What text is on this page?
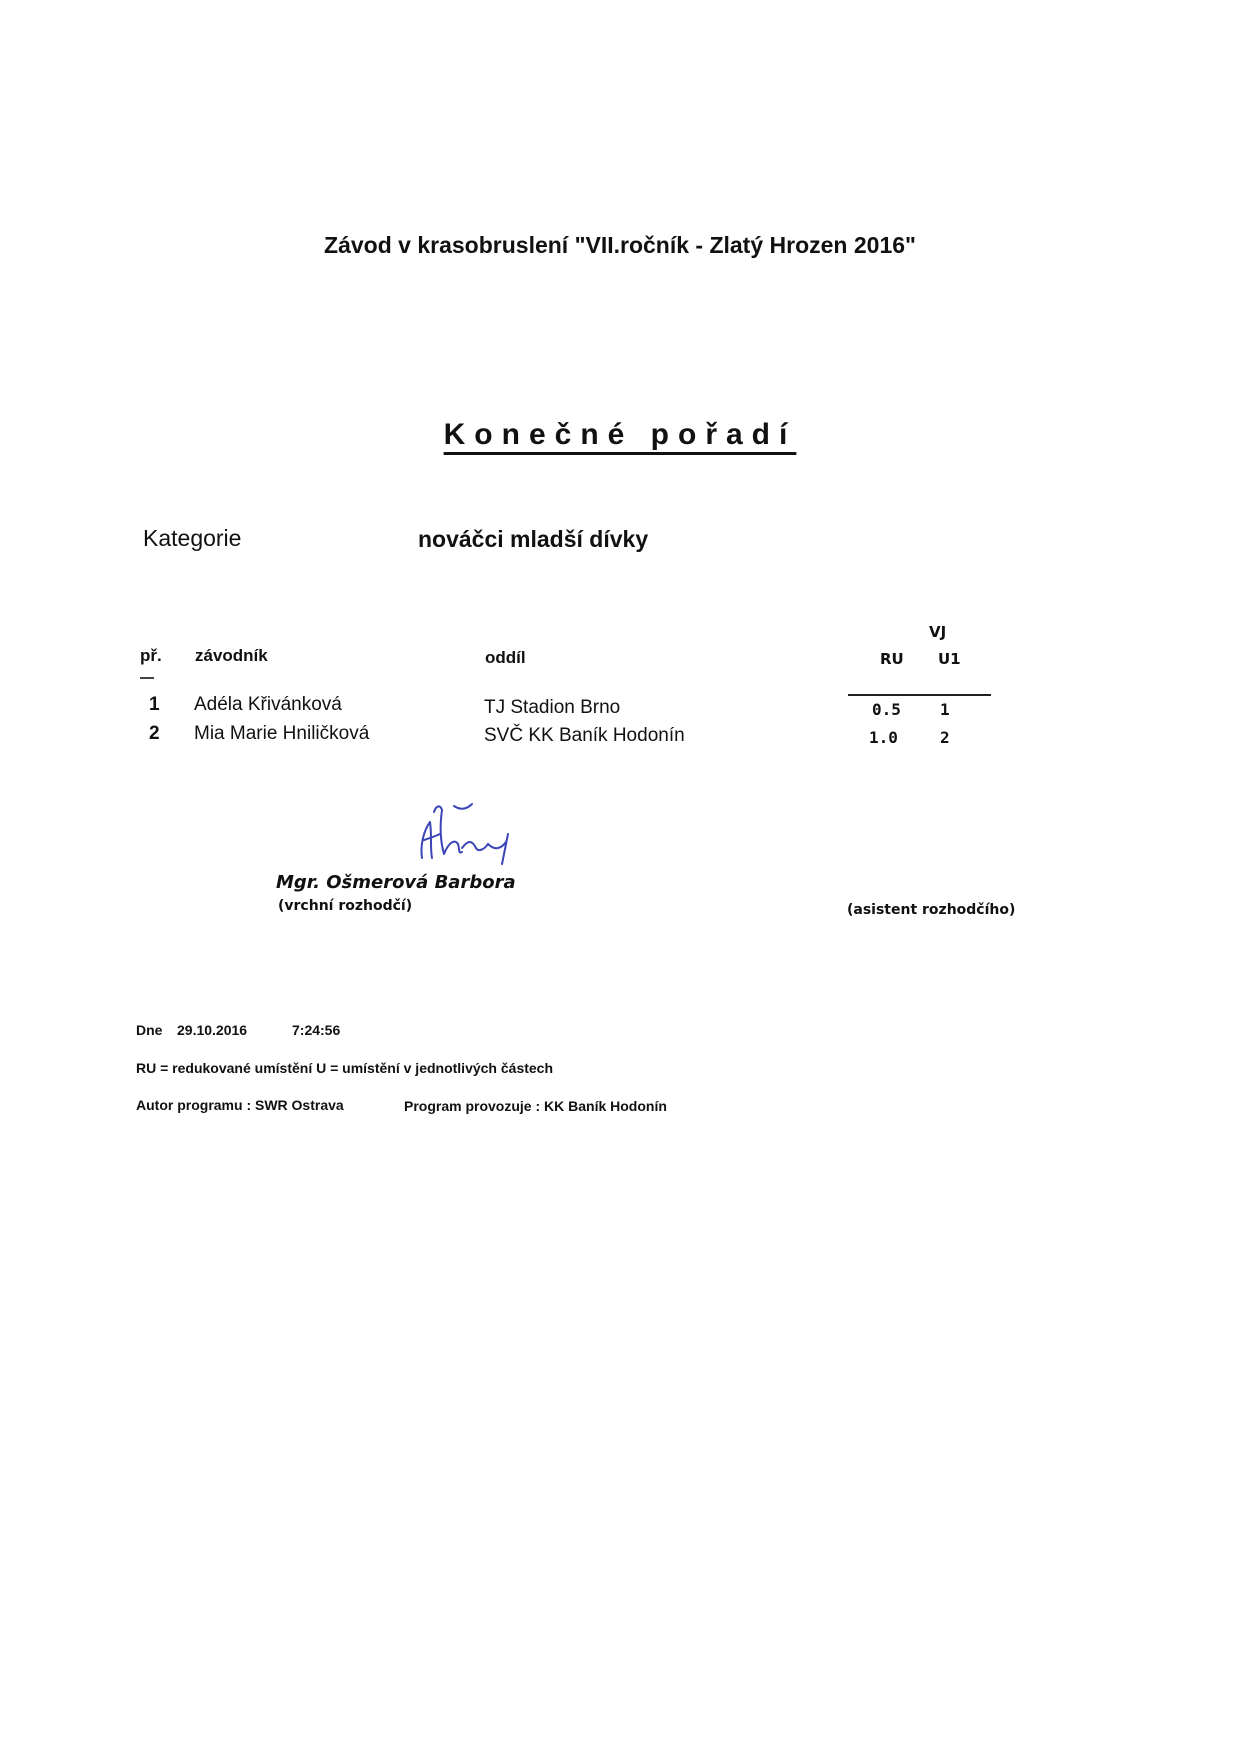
Závod v krasobruslení "VII.ročník - Zlatý Hrozen 2016"
Konečné pořadí
Kategorie	nováčci mladší dívky
př. závodník	oddíl
VJ
RU U1
1 Adéla Křivánková	TJ Stadion Brno	0.5 1
2 Mia Marie Hniličková	SVČ KK Baník Hodonín	1.0	2
Mgr. Ošmerová Barbora
(vrchní rozhodčí)	(asistent rozhodčího)
Dne 29.10.2016	7:24:56
RU = redukované umístění U = umístění v jednotlivých částech
Autor programu : SWR Ostrava	Program provozuje : KK Baník Hodonín
